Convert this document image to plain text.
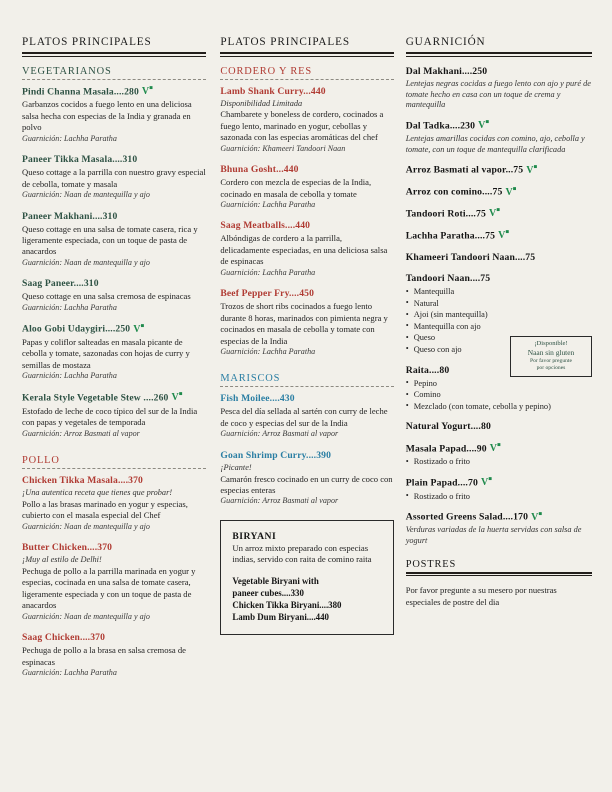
PLATOS PRINCIPALES
VEGETARIANOS
Pindi Channa Masala....280 V■
Garbanzos cocidos a fuego lento en una deliciosa salsa hecha con especias de la India y granada en polvo
Guarnición: Lachha Paratha
Paneer Tikka Masala....310
Queso cottage a la parrilla con nuestro gravy especial de cebolla, tomate y masala
Guarnición: Naan de mantequilla y ajo
Paneer Makhani....310
Queso cottage en una salsa de tomate casera, rica y ligeramente especiada, con un toque de pasta de anacardos
Guarnición: Naan de mantequilla y ajo
Saag Paneer....310
Queso cottage en una salsa cremosa de espinacas
Guarnición: Lachha Paratha
Aloo Gobi Udaygiri....250 V■
Papas y coliflor salteadas en masala picante de cebolla y tomate, sazonadas con hojas de curry y semillas de mostaza
Guarnición: Lachha Paratha
Kerala Style Vegetable Stew ....260 V■
Estofado de leche de coco típico del sur de la India con papas y vegetales de temporada
Guarnición: Arroz Basmati al vapor
POLLO
Chicken Tikka Masala....370
¡Una autentica receta que tienes que probar!
Pollo a las brasas marinado en yogur y especias, cubierto con el masala especial del Chef
Guarnición: Naan de mantequilla y ajo
Butter Chicken....370
¡Muy al estilo de Delhi!
Pechuga de pollo a la parrilla marinada en yogur y especias, cocinada en una salsa de tomate casera, ligeramente especiada y con un toque de pasta de anacardos
Guarnición: Naan de mantequilla y ajo
Saag Chicken....370
Pechuga de pollo a la brasa en salsa cremosa de espinacas
Guarnición: Lachha Paratha
PLATOS PRINCIPALES
CORDERO Y RES
Lamb Shank Curry...440
Disponibilidad Limitada
Chambarete y boneless de cordero, cocinados a fuego lento, marinado en yogur, cebollas y sazonada con las especias aromáticas del chef
Guarnición: Khameeri Tandoori Naan
Bhuna Gosht...440
Cordero con mezcla de especias de la India, cocinado en masala de cebolla y tomate
Guarnición: Lachha Paratha
Saag Meatballs....440
Albóndigas de cordero a la parrilla, delicadamente especiadas, en una deliciosa salsa de espinacas
Guarnición: Lachha Paratha
Beef Pepper Fry....450
Trozos de short ribs cocinados a fuego lento durante 8 horas, marinados con pimienta negra y cocinados en masala de cebolla y tomate con especias de la India
Guarnición: Lachha Paratha
MARISCOS
Fish Moilee....430
Pesca del día sellada al sartén con curry de leche de coco y especias del sur de la India
Guarnición: Arroz Basmati al vapor
Goan Shrimp Curry....390
¡Picante!
Camarón fresco cocinado en un curry de coco con especias enteras
Guarnición: Arroz Basmati al vapor
BIRYANI
Un arroz mixto preparado con especias indias, servido con raita de comino raita
Vegetable Biryani with
paneer cubes....330
Chicken Tikka Biryani....380
Lamb Dum Biryani....440
GUARNICIÓN
Dal Makhani....250
Lentejas negras cocidas a fuego lento con ajo y puré de tomate hecho en casa con un toque de crema y mantequilla
Dal Tadka....230 V■
Lentejas amarillas cocidas con comino, ajo, cebolla y tomate, con un toque de mantequilla clarificada
Arroz Basmati al vapor...75 V■
Arroz con comino....75 V■
Tandoori Roti....75 V■
Lachha Paratha....75 V■
Khameeri Tandoori Naan....75
Tandoori Naan....75
• Mantequilla
• Natural
• Ajoi (sin mantequilla)
• Mantequilla con ajo
• Queso
• Queso con ajo
Raita....80
• Pepino
• Comino
• Mezclado (con tomate, cebolla y pepino)
Natural Yogurt....80
Masala Papad....90 V■
• Rostizado o frito
Plain Papad....70 V■
• Rostizado o frito
Assorted Greens Salad....170 V■
Verduras variadas de la huerta servidas con salsa de yogurt
POSTRES
Por favor pregunte a su mesero por nuestras especiales de postre del dia
¡Disponible!
Naan sin gluten
Por favor pregunte
por opciones
